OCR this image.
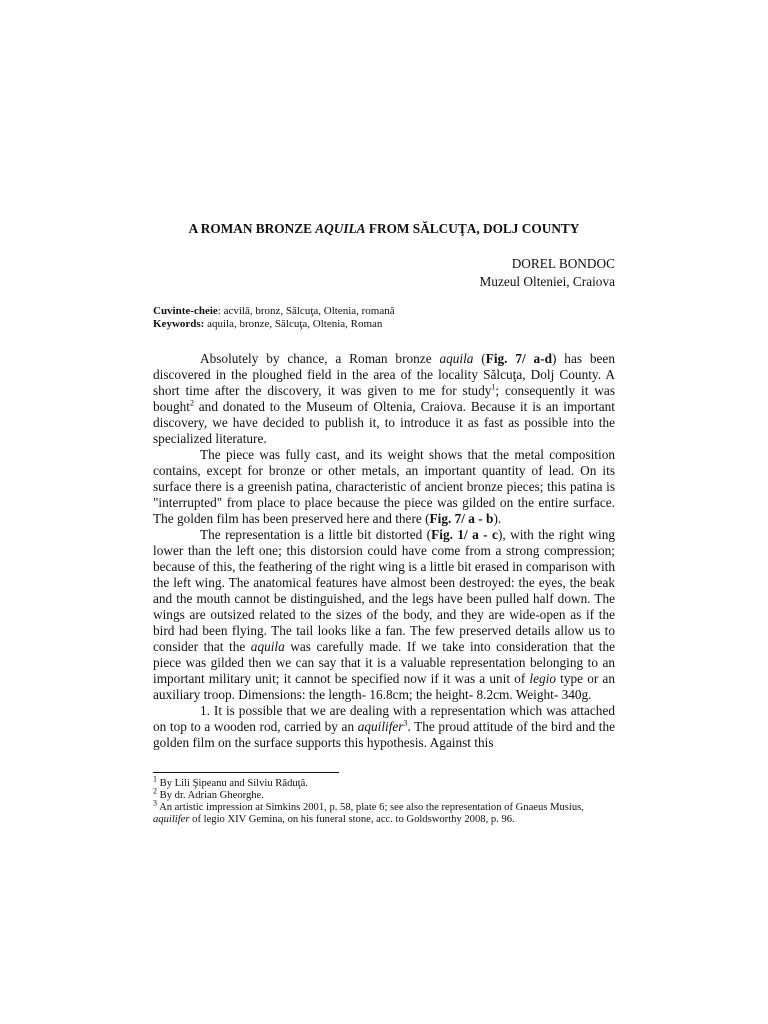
A ROMAN BRONZE AQUILA FROM SĂLCUŢA, DOLJ COUNTY
DOREL BONDOC
Muzeul Olteniei, Craiova
Cuvinte-cheie: acvilă, bronz, Sălcuţa, Oltenia, romană
Keywords: aquila, bronze, Sălcuţa, Oltenia, Roman

Absolutely by chance, a Roman bronze aquila (Fig. 7/ a-d) has been discovered in the ploughed field in the area of the locality Sălcuţa, Dolj County. A short time after the discovery, it was given to me for study$^1$; consequently it was bought$^2$ and donated to the Museum of Oltenia, Craiova. Because it is an important discovery, we have decided to publish it, to introduce it as fast as possible into the specialized literature.

The piece was fully cast, and its weight shows that the metal composition contains, except for bronze or other metals, an important quantity of lead. On its surface there is a greenish patina, characteristic of ancient bronze pieces; this patina is "interrupted" from place to place because the piece was gilded on the entire surface. The golden film has been preserved here and there (Fig. 7/ a - b).

The representation is a little bit distorted (Fig. 1/ a - c), with the right wing lower than the left one; this distorsion could have come from a strong compression; because of this, the feathering of the right wing is a little bit erased in comparison with the left wing. The anatomical features have almost been destroyed: the eyes, the beak and the mouth cannot be distinguished, and the legs have been pulled half down. The wings are outsized related to the sizes of the body, and they are wide-open as if the bird had been flying. The tail looks like a fan. The few preserved details allow us to consider that the aquila was carefully made. If we take into consideration that the piece was gilded then we can say that it is a valuable representation belonging to an important military unit; it cannot be specified now if it was a unit of legio type or an auxiliary troop. Dimensions: the length- 16.8cm; the height- 8.2cm. Weight- 340g.

1. It is possible that we are dealing with a representation which was attached on top to a wooden rod, carried by an aquilifer$^3$. The proud attitude of the bird and the golden film on the surface supports this hypothesis. Against this

$^1$ By Lili Şipeanu and Silviu Răduţă.
$^2$ By dr. Adrian Gheorghe.
$^3$ An artistic impression at Simkins 2001, p. 58, plate 6; see also the representation of Gnaeus Musius, aquilifer of legio XIV Gemina, on his funeral stone, acc. to Goldsworthy 2008, p. 96.
